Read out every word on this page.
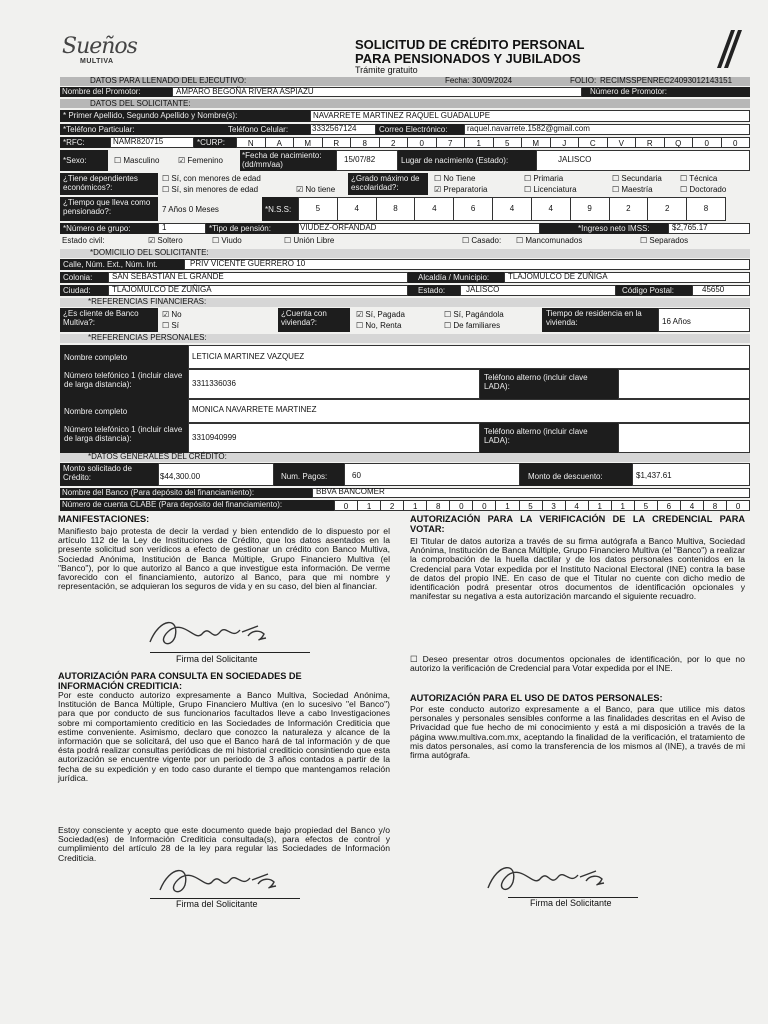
Sueños
MULTIVA
SOLICITUD DE CRÉDITO PERSONAL
PARA PENSIONADOS Y JUBILADOS
Trámite gratuito
DATOS PARA LLENADO DEL EJECUTIVO:	Fecha: 30/09/2024	FOLIO: RECIMSSPENREC24093012143151
Nombre del Promotor:	AMPARO BEGOÑA RIVERA ASPIAZU	Número de Promotor:
DATOS DEL SOLICITANTE:
* Primer Apellido, Segundo Apellido y Nombre(s):	NAVARRETE MARTINEZ RAQUEL GUADALUPE
*Teléfono Particular:	Teléfono Celular:	3332567124	Correo Electrónico: raquel.navarrete.1582@gmail.com
*RFC:	NAMR820715	*CURP:	N	A	M	R	8	2	0	7	1	5	M	J	C	V	R	Q	0	0
*Sexo:	☐ Masculino ☑ Femenino
*Fecha de nacimiento: (dd/mm/aa)
15/07/82	Lugar de nacimiento (Estado):	JALISCO
¿Tiene dependientes económicos?:
☐ Sí, con menores de edad
☐ Sí, sin menores de edad	☑ No tiene
¿Grado máximo de escolaridad?:
☐ No Tiene	☐ Primaria	☐ Secundaria ☐ Técnica
☑ Preparatoria	☐ Licenciatura	☐ Maestría	☐ Doctorado
¿Tiempo que lleva como pensionado?:	7 Años 0 Meses	*N.S.S:	5	4	8	4	6	4	4	9	2	2	8
*Número de grupo:	1	*Tipo de pensión:	VIUDEZ-ORFANDAD	*Ingreso neto IMSS:	$2,765.17
Estado civil:	☑ Soltero	☐ Viudo	☐ Unión Libre	☐ Casado: ☐ Mancomunados	☐ Separados
*DOMICILIO DEL SOLICITANTE:
Calle, Núm. Ext., Núm. Int.	PRIV VICENTE GUERRERO 10
Colonia: SAN SEBASTIAN EL GRANDE	Alcaldía / Municipio: TLAJOMULCO DE ZUÑIGA
Ciudad:	TLAJOMULCO DE ZUÑIGA	Estado:	JALISCO	Código Postal:	45650
*REFERENCIAS FINANCIERAS:
¿Es cliente de Banco Multiva?:
☑ No
☐ Sí
¿Cuenta con vivienda?:
☑ Sí, Pagada
☐ No, Renta
☐ Sí, Pagándola
☐ De familiares
Tiempo de residencia en la vivienda:	16 Años
*REFERENCIAS PERSONALES:
Nombre completo	LETICIA MARTINEZ VAZQUEZ
Número telefónico 1 (incluir clave de larga distancia):	3311336036
Teléfono alterno (incluir clave LADA):
Nombre completo	MONICA NAVARRETE MARTINEZ
Número telefónico 1 (incluir clave de larga distancia):	3310940999
Teléfono alterno (incluir clave LADA):
*DATOS GENERALES DEL CRÉDITO:
Monto solicitado de Crédito:	$44,300.00	Num. Pagos:	60	Monto de descuento:	$1,437.61
Nombre del Banco (Para depósito del financiamiento):	BBVA BANCOMER
Número de cuenta CLABE (Para depósito del financiamiento):	0	1	2	1	8	0	0	1	5	3	4	1	1	5	6	4	8	0
MANIFESTACIONES:
Manifiesto bajo protesta de decir la verdad y bien entendido de lo dispuesto por el artículo 112 de la Ley de Instituciones de Crédito, que los datos asentados en la presente solicitud son verídicos a efecto de gestionar un crédito con Banco Multiva, Sociedad Anónima, Institución de Banca Múltiple, Grupo Financiero Multiva (el "Banco"), por lo que autorizo al Banco a que investigue esta información. De verme favorecido con el financiamiento, autorizo al Banco, para que mi nombre y representación, se adquieran los seguros de vida y en su caso, del bien al financiar.
Firma del Solicitante
AUTORIZACIÓN PARA CONSULTA EN SOCIEDADES DE INFORMACIÓN CREDITICIA:
Por este conducto autorizo expresamente a Banco Multiva, Sociedad Anónima, Institución de Banca Múltiple, Grupo Financiero Multiva (en lo sucesivo "el Banco") para que por conducto de sus funcionarios facultados lleve a cabo Investigaciones sobre mi comportamiento crediticio en las Sociedades de Información Crediticia que estime conveniente. Asimismo, declaro que conozco la naturaleza y alcance de la información que se solicitará, del uso que el Banco hará de tal información y de que ésta podrá realizar consultas periódicas de mi historial crediticio consintiendo que esta autorización se encuentre vigente por un periodo de 3 años contados a partir de la fecha de su expedición y en todo caso durante el tiempo que mantengamos relación jurídica.
Estoy consciente y acepto que este documento quede bajo propiedad del Banco y/o Sociedad(es) de Información Crediticia consultada(s), para efectos de control y cumplimiento del artículo 28 de la ley para regular las Sociedades de Información Crediticia.
Firma del Solicitante
AUTORIZACIÓN PARA LA VERIFICACIÓN DE LA CREDENCIAL PARA VOTAR:
El Titular de datos autoriza a través de su firma autógrafa a Banco Multiva, Sociedad Anónima, Institución de Banca Múltiple, Grupo Financiero Multiva (el "Banco") a realizar la comprobación de la huella dactilar y de los datos personales contenidos en la Credencial para Votar expedida por el Instituto Nacional Electoral (INE) contra la base de datos del propio INE. En caso de que el Titular no cuente con dicho medio de identificación podrá presentar otros documentos de identificación opcionales y manifestar su negativa a esta autorización marcando el siguiente recuadro.
☐ Deseo presentar otros documentos opcionales de identificación, por lo que no autorizo la verificación de Credencial para Votar expedida por el INE.
AUTORIZACIÓN PARA EL USO DE DATOS PERSONALES:
Por este conducto autorizo expresamente a el Banco, para que utilice mis datos personales y personales sensibles conforme a las finalidades descritas en el Aviso de Privacidad que fue hecho de mi conocimiento y está a mi disposición a través de la página www.multiva.com.mx, aceptando la finalidad de la verificación, el tratamiento de mis datos personales, así como la transferencia de los mismos al (INE), a través de mi firma autógrafa.
Firma del Solicitante
